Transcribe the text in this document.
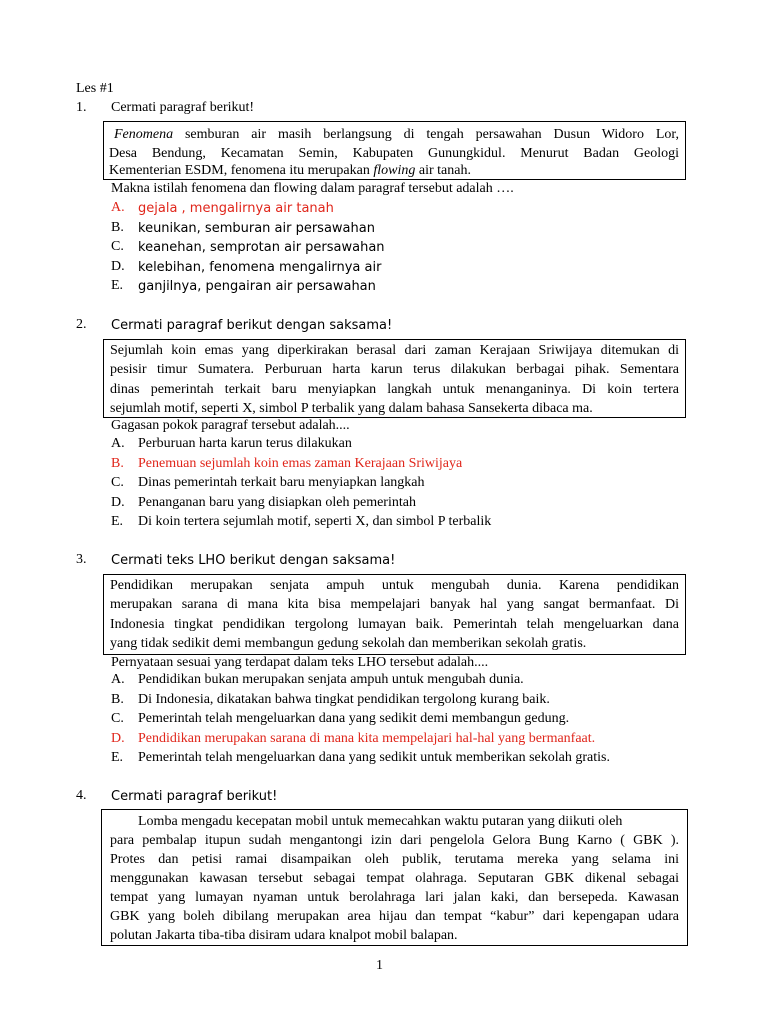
Les #1
1. Cermati paragraf berikut!
Fenomena semburan air masih berlangsung di tengah persawahan Dusun Widoro Lor,
Desa Bendung, Kecamatan Semin, Kabupaten Gunungkidul. Menurut Badan Geologi
Kementerian ESDM, fenomena itu merupakan flowing air tanah.
Makna istilah fenomena dan flowing dalam paragraf tersebut adalah ….
A. gejala , mengalirnya air tanah
B. keunikan, semburan air persawahan
C. keanehan, semprotan air persawahan
D. kelebihan, fenomena mengalirnya air
E. ganjilnya, pengairan air persawahan
2. Cermati paragraf berikut dengan saksama!
Sejumlah koin emas yang diperkirakan berasal dari zaman Kerajaan Sriwijaya ditemukan di
pesisir timur Sumatera. Perburuan harta karun terus dilakukan berbagai pihak. Sementara
dinas pemerintah terkait baru menyiapkan langkah untuk menanganinya. Di koin tertera
sejumlah motif, seperti X, simbol P terbalik yang dalam bahasa Sansekerta dibaca ma.
Gagasan pokok paragraf tersebut adalah....
A. Perburuan harta karun terus dilakukan
B. Penemuan sejumlah koin emas zaman Kerajaan Sriwijaya
C. Dinas pemerintah terkait baru menyiapkan langkah
D. Penanganan baru yang disiapkan oleh pemerintah
E. Di koin tertera sejumlah motif, seperti X, dan simbol P terbalik
3. Cermati teks LHO berikut dengan saksama!
Pendidikan merupakan senjata ampuh untuk mengubah dunia. Karena pendidikan
merupakan sarana di mana kita bisa mempelajari banyak hal yang sangat bermanfaat. Di
Indonesia tingkat pendidikan tergolong lumayan baik. Pemerintah telah mengeluarkan dana
yang tidak sedikit demi membangun gedung sekolah dan memberikan sekolah gratis.
Pernyataan sesuai yang terdapat dalam teks LHO tersebut adalah....
A. Pendidikan bukan merupakan senjata ampuh untuk mengubah dunia.
B. Di Indonesia, dikatakan bahwa tingkat pendidikan tergolong kurang baik.
C. Pemerintah telah mengeluarkan dana yang sedikit demi membangun gedung.
D. Pendidikan merupakan sarana di mana kita mempelajari hal-hal yang bermanfaat.
E. Pemerintah telah mengeluarkan dana yang sedikit untuk memberikan sekolah gratis.
4. Cermati paragraf berikut!
Lomba mengadu kecepatan mobil untuk memecahkan waktu putaran yang diikuti oleh
para pembalap itupun sudah mengantongi izin dari pengelola Gelora Bung Karno ( GBK ).
Protes dan petisi ramai disampaikan oleh publik, terutama mereka yang selama ini
menggunakan kawasan tersebut sebagai tempat olahraga. Seputaran GBK dikenal sebagai
tempat yang lumayan nyaman untuk berolahraga lari jalan kaki, dan bersepeda. Kawasan
GBK yang boleh dibilang merupakan area hijau dan tempat “kabur” dari kepengapan udara
polutan Jakarta tiba-tiba disiram udara knalpot mobil balapan.
1
